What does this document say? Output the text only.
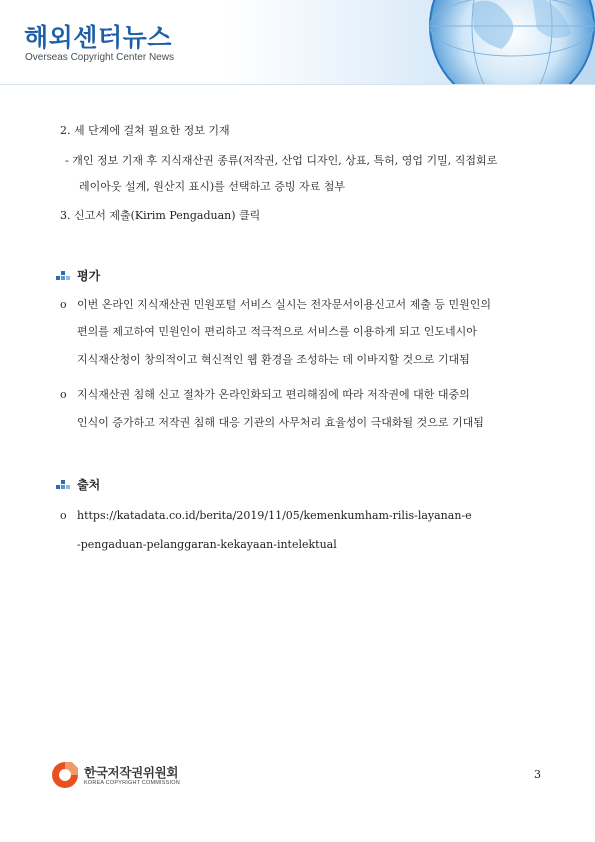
해외센터뉴스
Overseas Copyright Center News
2. 세 단계에 걸쳐 필요한 정보 기재
- 개인 정보 기재 후 지식재산권 종류(저작권, 산업 디자인, 상표, 특허, 영업 기밀, 직접회로
레이아웃 설계, 원산지 표시)를 선택하고 증빙 자료 첨부
3. 신고서 제출(Kirim Pengaduan) 클릭
평가
o 이번 온라인 지식재산권 민원포털 서비스 실시는 전자문서이용신고서 제출 등 민원인의
편의를 제고하여 민원인이 편리하고 적극적으로 서비스를 이용하게 되고 인도네시아
지식재산청이 창의적이고 혁신적인 웹 환경을 조성하는 데 이바지할 것으로 기대됨
o 지식재산권 침해 신고 절차가 온라인화되고 편리해짐에 따라 저작권에 대한 대중의
인식이 증가하고 저작권 침해 대응 기관의 사무처리 효율성이 극대화될 것으로 기대됨
출처
o https://katadata.co.id/berita/2019/11/05/kemenkumham-rilis-layanan-e
-pengaduan-pelanggaran-kekayaan-intelektual
한국저작권위원회
KOREA COPYRIGHT COMMISSION
3
